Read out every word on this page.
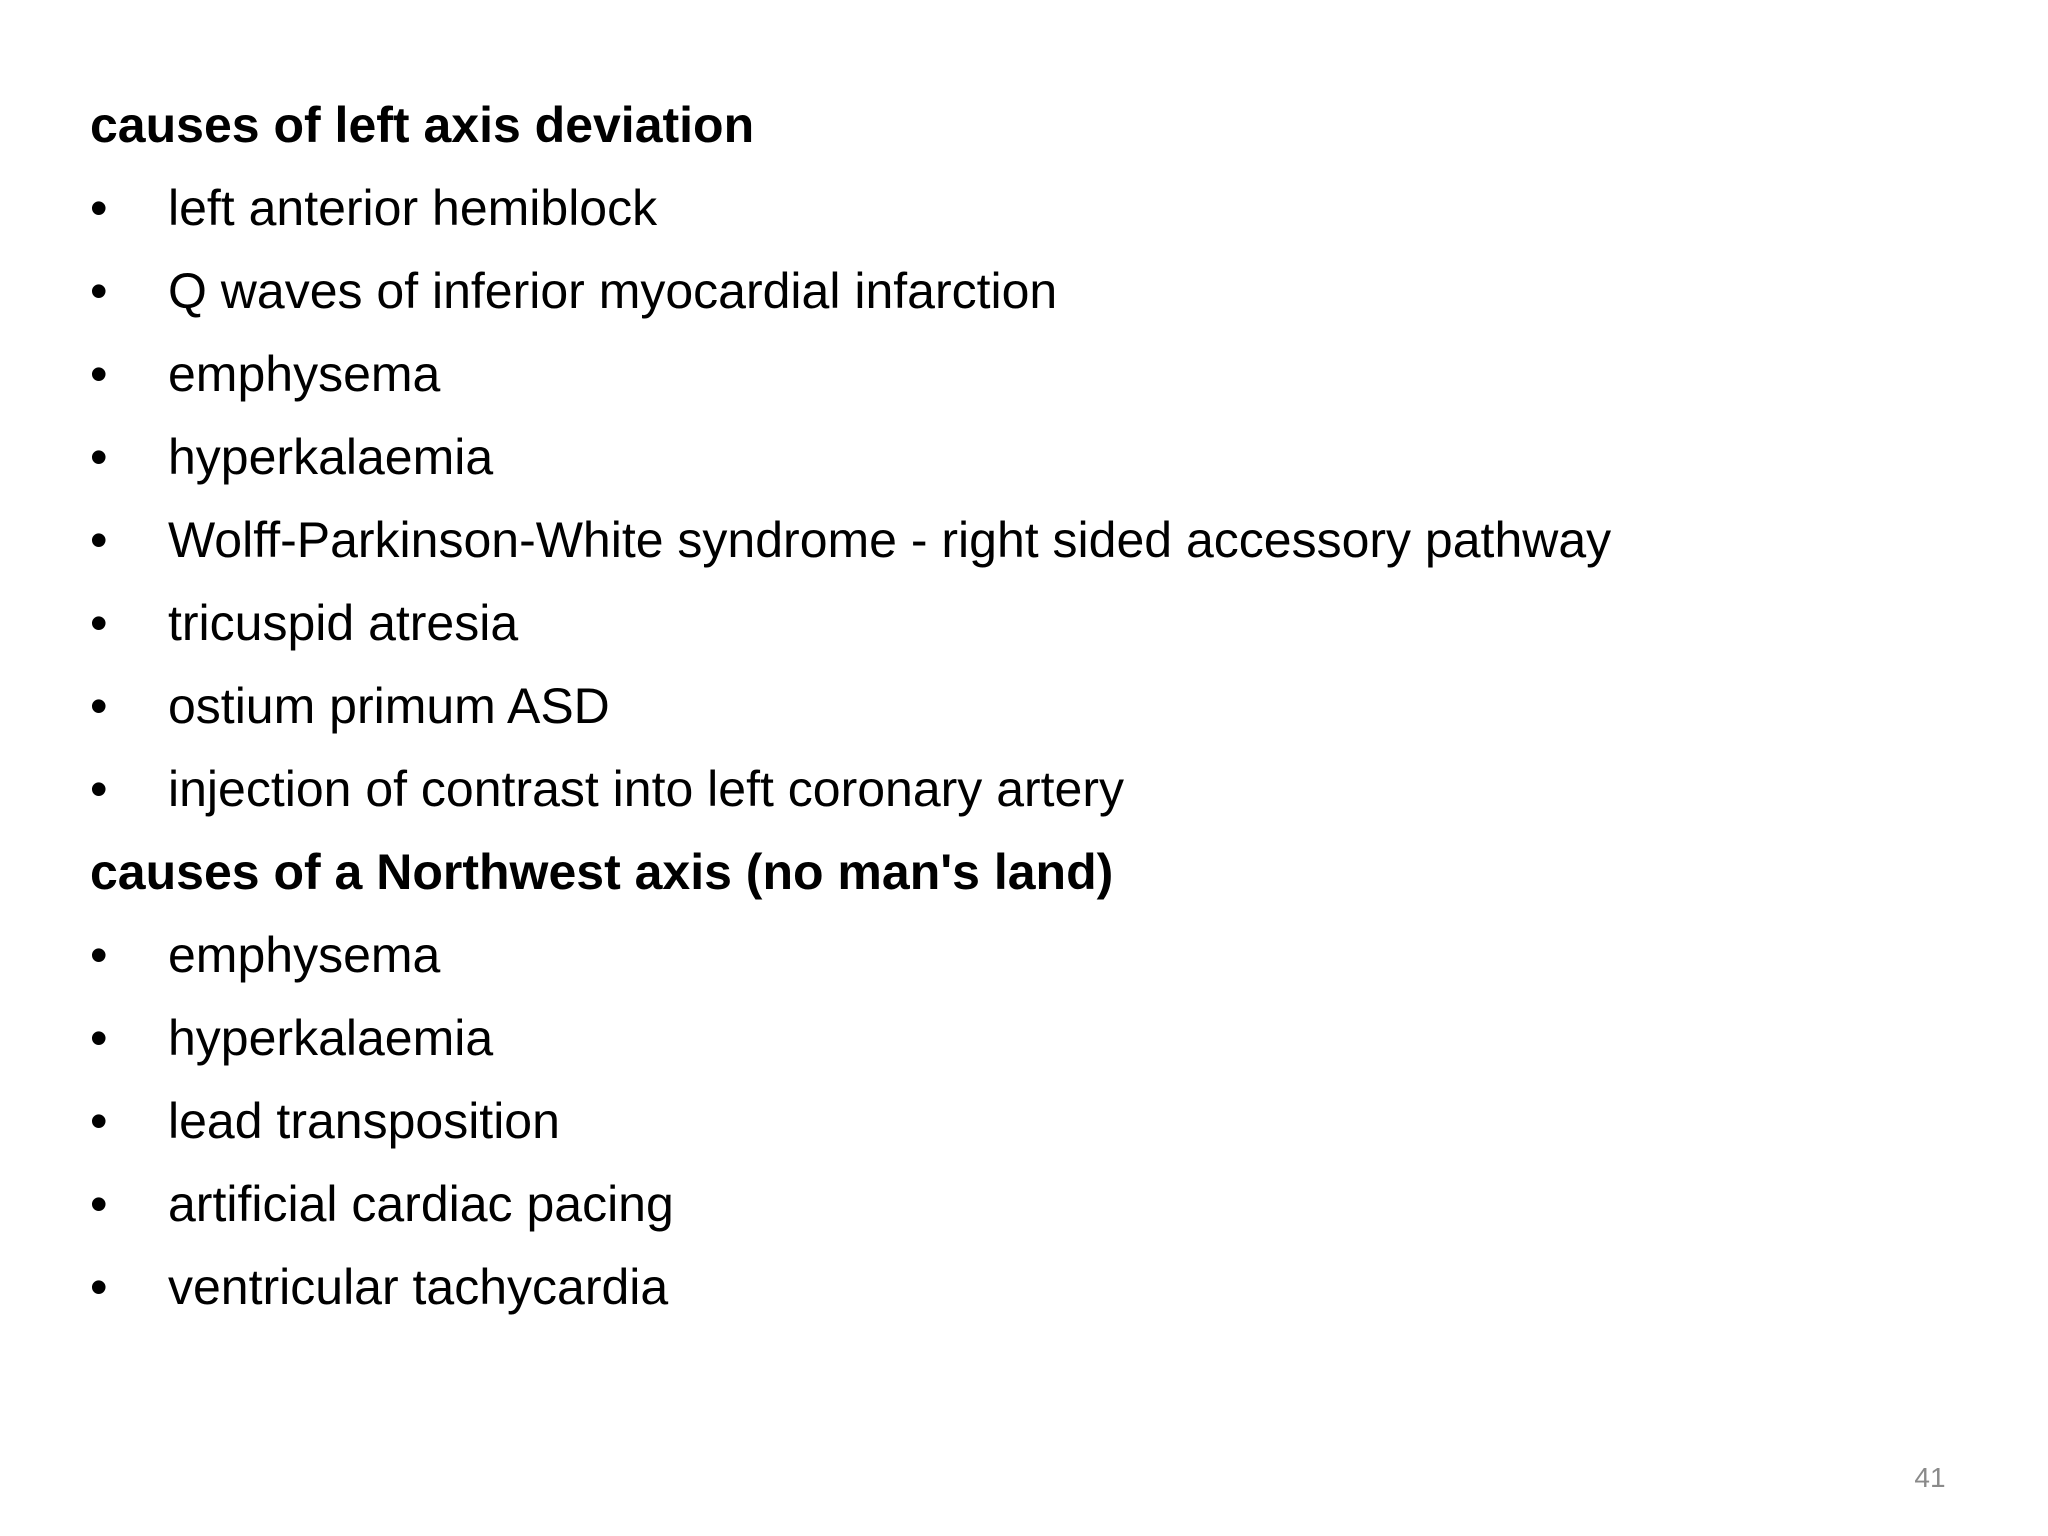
causes of left axis deviation
•	left anterior hemiblock
•	Q waves of inferior myocardial infarction
•	emphysema
•	hyperkalaemia
•	Wolff-Parkinson-White syndrome - right sided accessory pathway
•	tricuspid atresia
•	ostium primum ASD
•	injection of contrast into left coronary artery
causes of a Northwest axis (no man's land)
•	emphysema
•	hyperkalaemia
•	lead transposition
•	artificial cardiac pacing
•	ventricular tachycardia
41
